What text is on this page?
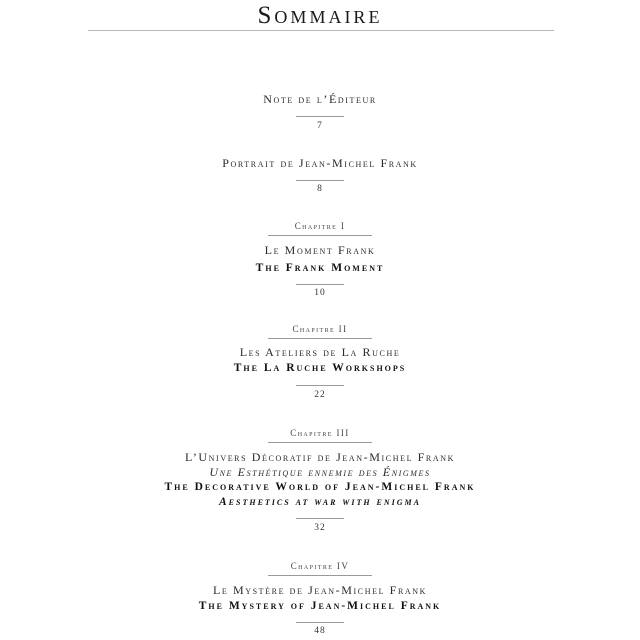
Sommaire
Note de l’Éditeur
7
Portrait de Jean-Michel Frank
8
Chapitre I
Le Moment Frank
The Frank Moment
10
Chapitre II
Les Ateliers de La Ruche
The La Ruche Workshops
22
Chapitre III
L’Univers Décoratif de Jean-Michel Frank
Une Esthétique ennemie des Énigmes
The Decorative World of Jean-Michel Frank
Aesthetics at war with enigma
32
Chapitre IV
Le Mystère de Jean-Michel Frank
The Mystery of Jean-Michel Frank
48
